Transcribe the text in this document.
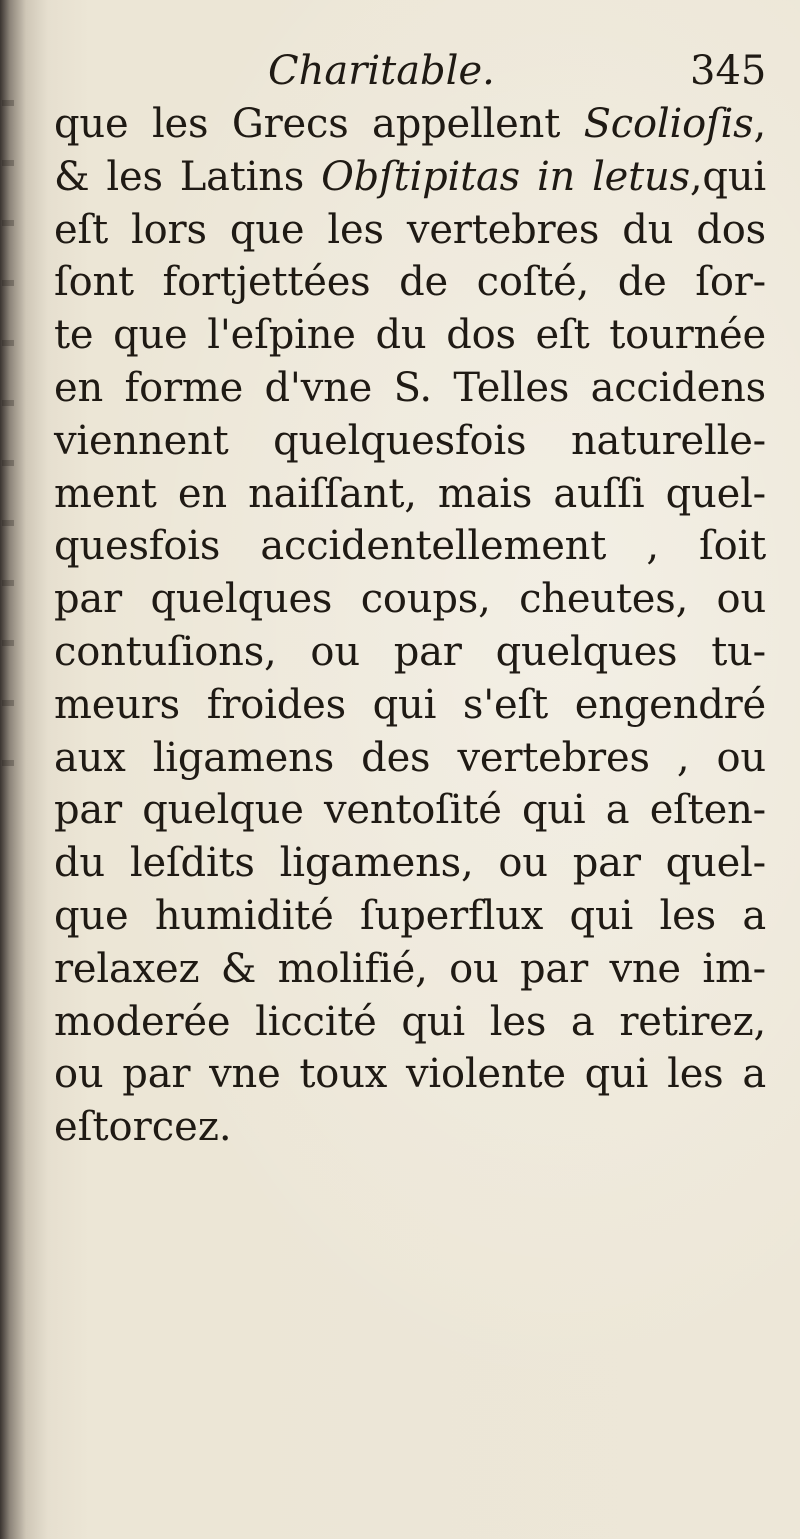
Charitable.	345
que les Grecs appellent Scolioſis,
& les Latins Obſtipitas in letus,qui
eſt lors que les vertebres du dos
ſont fortjettées de coſté, de ſor-
te que l'eſpine du dos eſt tournée
en forme d'vne S. Telles accidens
viennent quelquesfois naturelle-
ment en naiſſant, mais auſſi quel-
quesfois accidentellement , ſoit
par quelques coups, cheutes, ou
contuſions, ou par quelques tu-
meurs froides qui s'eſt engendré
aux ligamens des vertebres , ou
par quelque ventoſité qui a eſten-
du leſdits ligamens, ou par quel-
que humidité ſuperflux qui les a
relaxez & molifié, ou par vne im-
moderée liccité qui les a retirez,
ou par vne toux violente qui les a
eſtorcez.
